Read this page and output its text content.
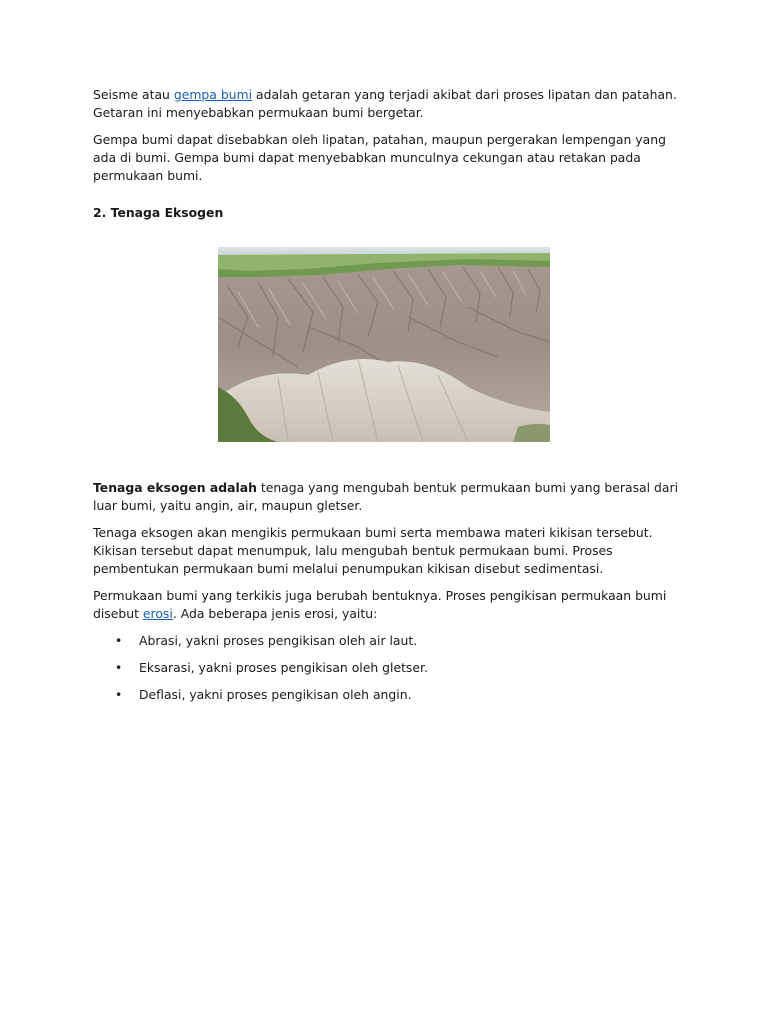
Seisme atau gempa bumi adalah getaran yang terjadi akibat dari proses lipatan dan patahan. Getaran ini menyebabkan permukaan bumi bergetar.

Gempa bumi dapat disebabkan oleh lipatan, patahan, maupun pergerakan lempengan yang ada di bumi. Gempa bumi dapat menyebabkan munculnya cekungan atau retakan pada permukaan bumi.

2. Tenaga Eksogen

Tenaga eksogen adalah tenaga yang mengubah bentuk permukaan bumi yang berasal dari luar bumi, yaitu angin, air, maupun gletser.

Tenaga eksogen akan mengikis permukaan bumi serta membawa materi kikisan tersebut. Kikisan tersebut dapat menumpuk, lalu mengubah bentuk permukaan bumi. Proses pembentukan permukaan bumi melalui penumpukan kikisan disebut sedimentasi.

Permukaan bumi yang terkikis juga berubah bentuknya. Proses pengikisan permukaan bumi disebut erosi. Ada beberapa jenis erosi, yaitu:

• Abrasi, yakni proses pengikisan oleh air laut.
• Eksarasi, yakni proses pengikisan oleh gletser.
• Deflasi, yakni proses pengikisan oleh angin.
